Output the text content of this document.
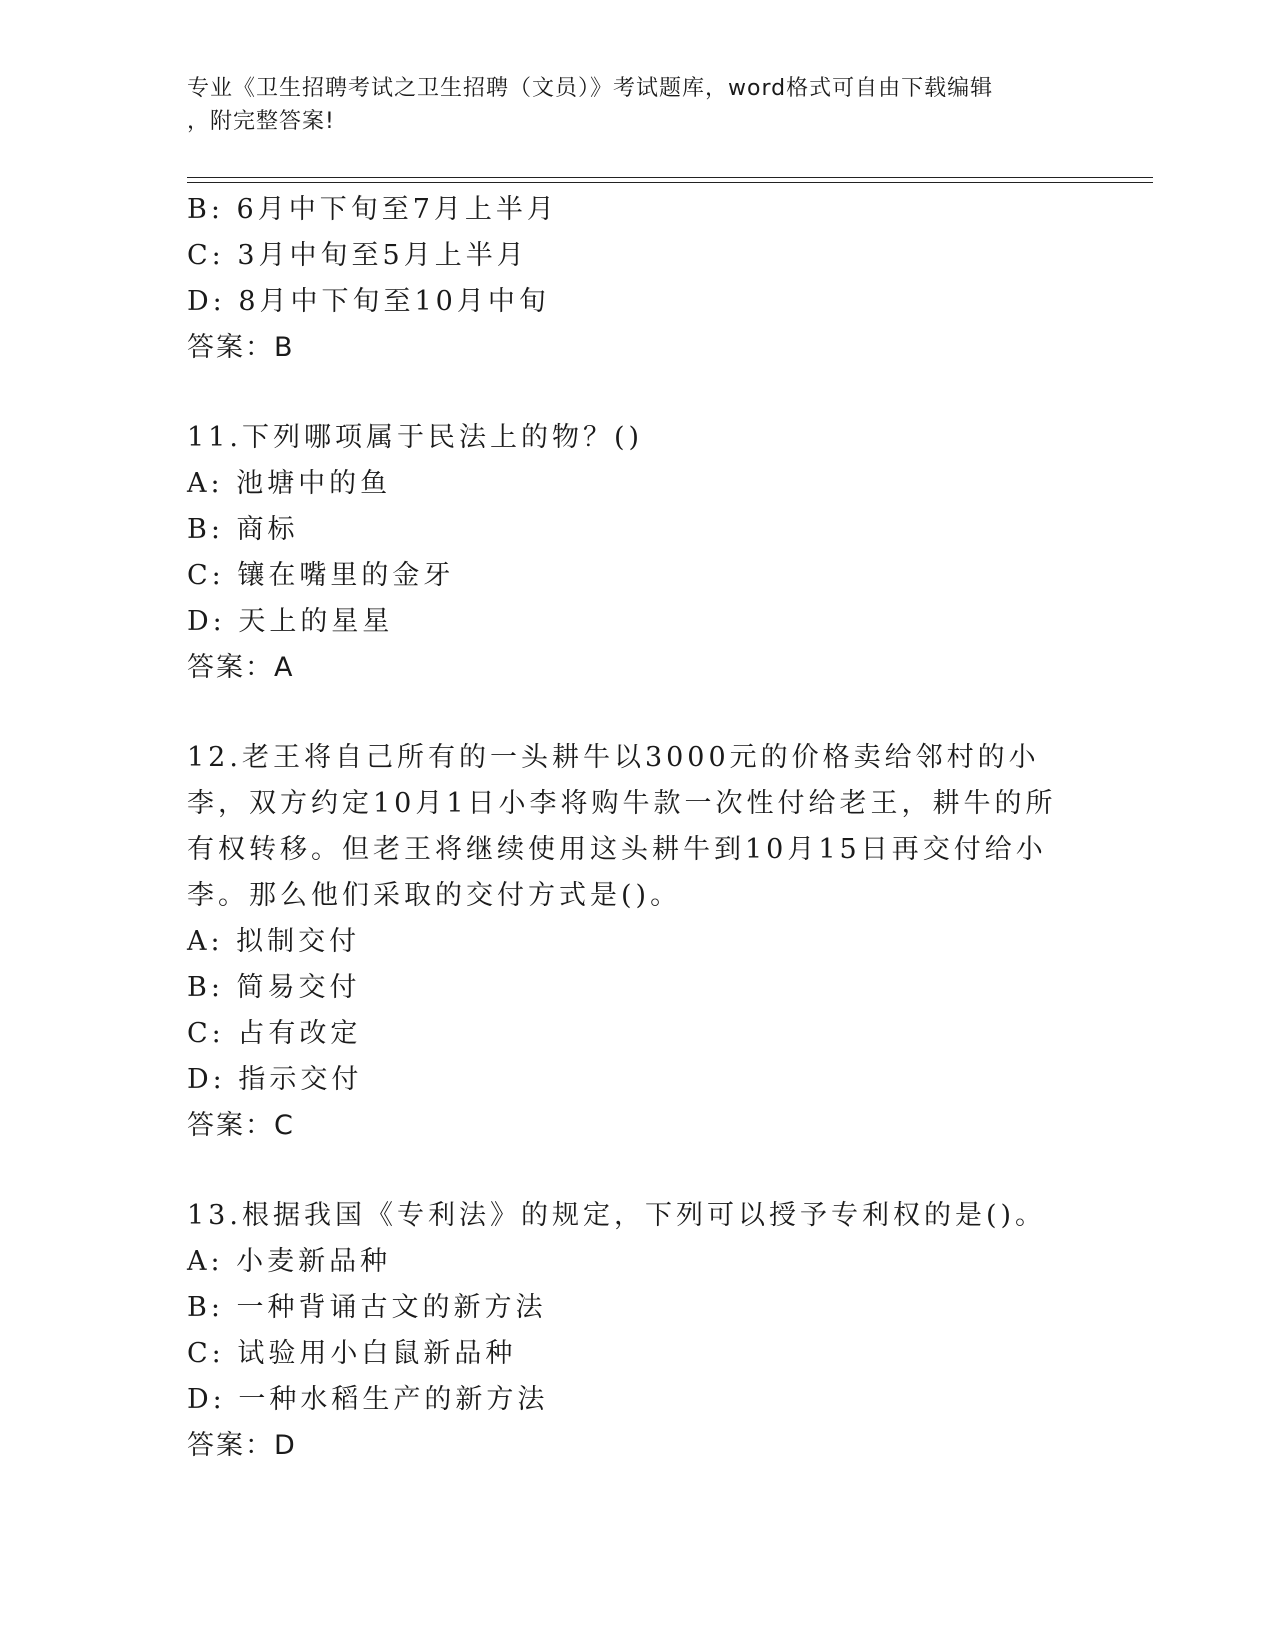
专业《卫生招聘考试之卫生招聘（文员）》考试题库，word格式可自由下载编辑
，附完整答案!
B: 6月中下旬至7月上半月
C: 3月中旬至5月上半月
D: 8月中下旬至10月中旬
答案：B
11.下列哪项属于民法上的物？()
A: 池塘中的鱼
B: 商标
C: 镶在嘴里的金牙
D: 天上的星星
答案：A
12.老王将自己所有的一头耕牛以3000元的价格卖给邻村的小李，双方约定10月1日小李将购牛款一次性付给老王，耕牛的所有权转移。但老王将继续使用这头耕牛到10月15日再交付给小李。那么他们采取的交付方式是()。
A: 拟制交付
B: 简易交付
C: 占有改定
D: 指示交付
答案：C
13.根据我国《专利法》的规定，下列可以授予专利权的是()。
A: 小麦新品种
B: 一种背诵古文的新方法
C: 试验用小白鼠新品种
D: 一种水稻生产的新方法
答案：D
